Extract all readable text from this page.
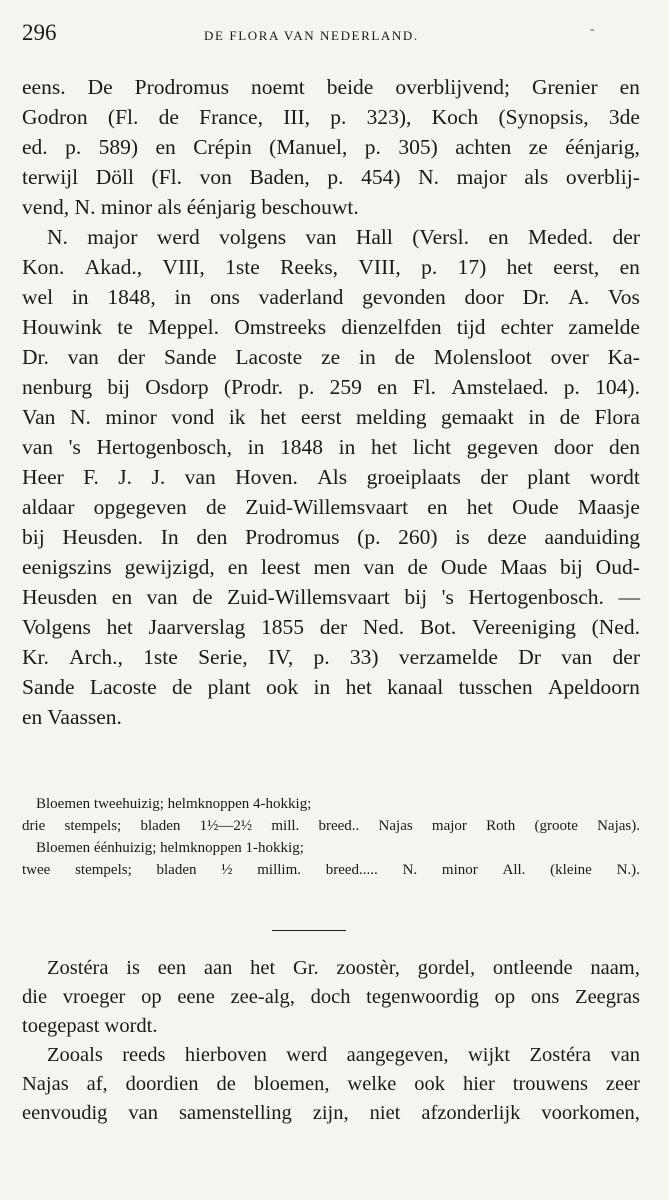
296	DE FLORA VAN NEDERLAND.	-
eens. De Prodromus noemt beide overblijvend; Grenier en
Godron (Fl. de France, III, p. 323), Koch (Synopsis, 3de
ed. p. 589) en Crépin (Manuel, p. 305) achten ze éénjarig,
terwijl Döll (Fl. von Baden, p. 454) N. major als overblij-
vend, N. minor als éénjarig beschouwt.
N. major werd volgens van Hall (Versl. en Meded. der
Kon. Akad., VIII, 1ste Reeks, VIII, p. 17) het eerst, en
wel in 1848, in ons vaderland gevonden door Dr. A. Vos
Houwink te Meppel. Omstreeks dienzelfden tijd echter zamelde
Dr. van der Sande Lacoste ze in de Molensloot over Ka-
nenburg bij Osdorp (Prodr. p. 259 en Fl. Amstelaed. p. 104).
Van N. minor vond ik het eerst melding gemaakt in de Flora
van 's Hertogenbosch, in 1848 in het licht gegeven door den
Heer F. J. J. van Hoven. Als groeiplaats der plant wordt
aldaar opgegeven de Zuid-Willemsvaart en het Oude Maasje
bij Heusden. In den Prodromus (p. 260) is deze aanduiding
eenigszins gewijzigd, en leest men van de Oude Maas bij Oud-
Heusden en van de Zuid-Willemsvaart bij 's Hertogenbosch. —
Volgens het Jaarverslag 1855 der Ned. Bot. Vereeniging (Ned.
Kr. Arch., 1ste Serie, IV, p. 33) verzamelde Dr van der
Sande Lacoste de plant ook in het kanaal tusschen Apeldoorn
en Vaassen.
Bloemen tweehuizig; helmknoppen 4-hokkig;
drie stempels; bladen 1½—2½ mill. breed.. Najas major Roth (groote Najas).
Bloemen éénhuizig; helmknoppen 1-hokkig;
twee stempels; bladen ½ millim. breed..... N. minor All. (kleine N.).
Zostéra is een aan het Gr. zoostèr, gordel, ontleende naam,
die vroeger op eene zee-alg, doch tegenwoordig op ons Zeegras
toegepast wordt.
Zooals reeds hierboven werd aangegeven, wijkt Zostéra van
Najas af, doordien de bloemen, welke ook hier trouwens zeer
eenvoudig van samenstelling zijn, niet afzonderlijk voorkomen,
